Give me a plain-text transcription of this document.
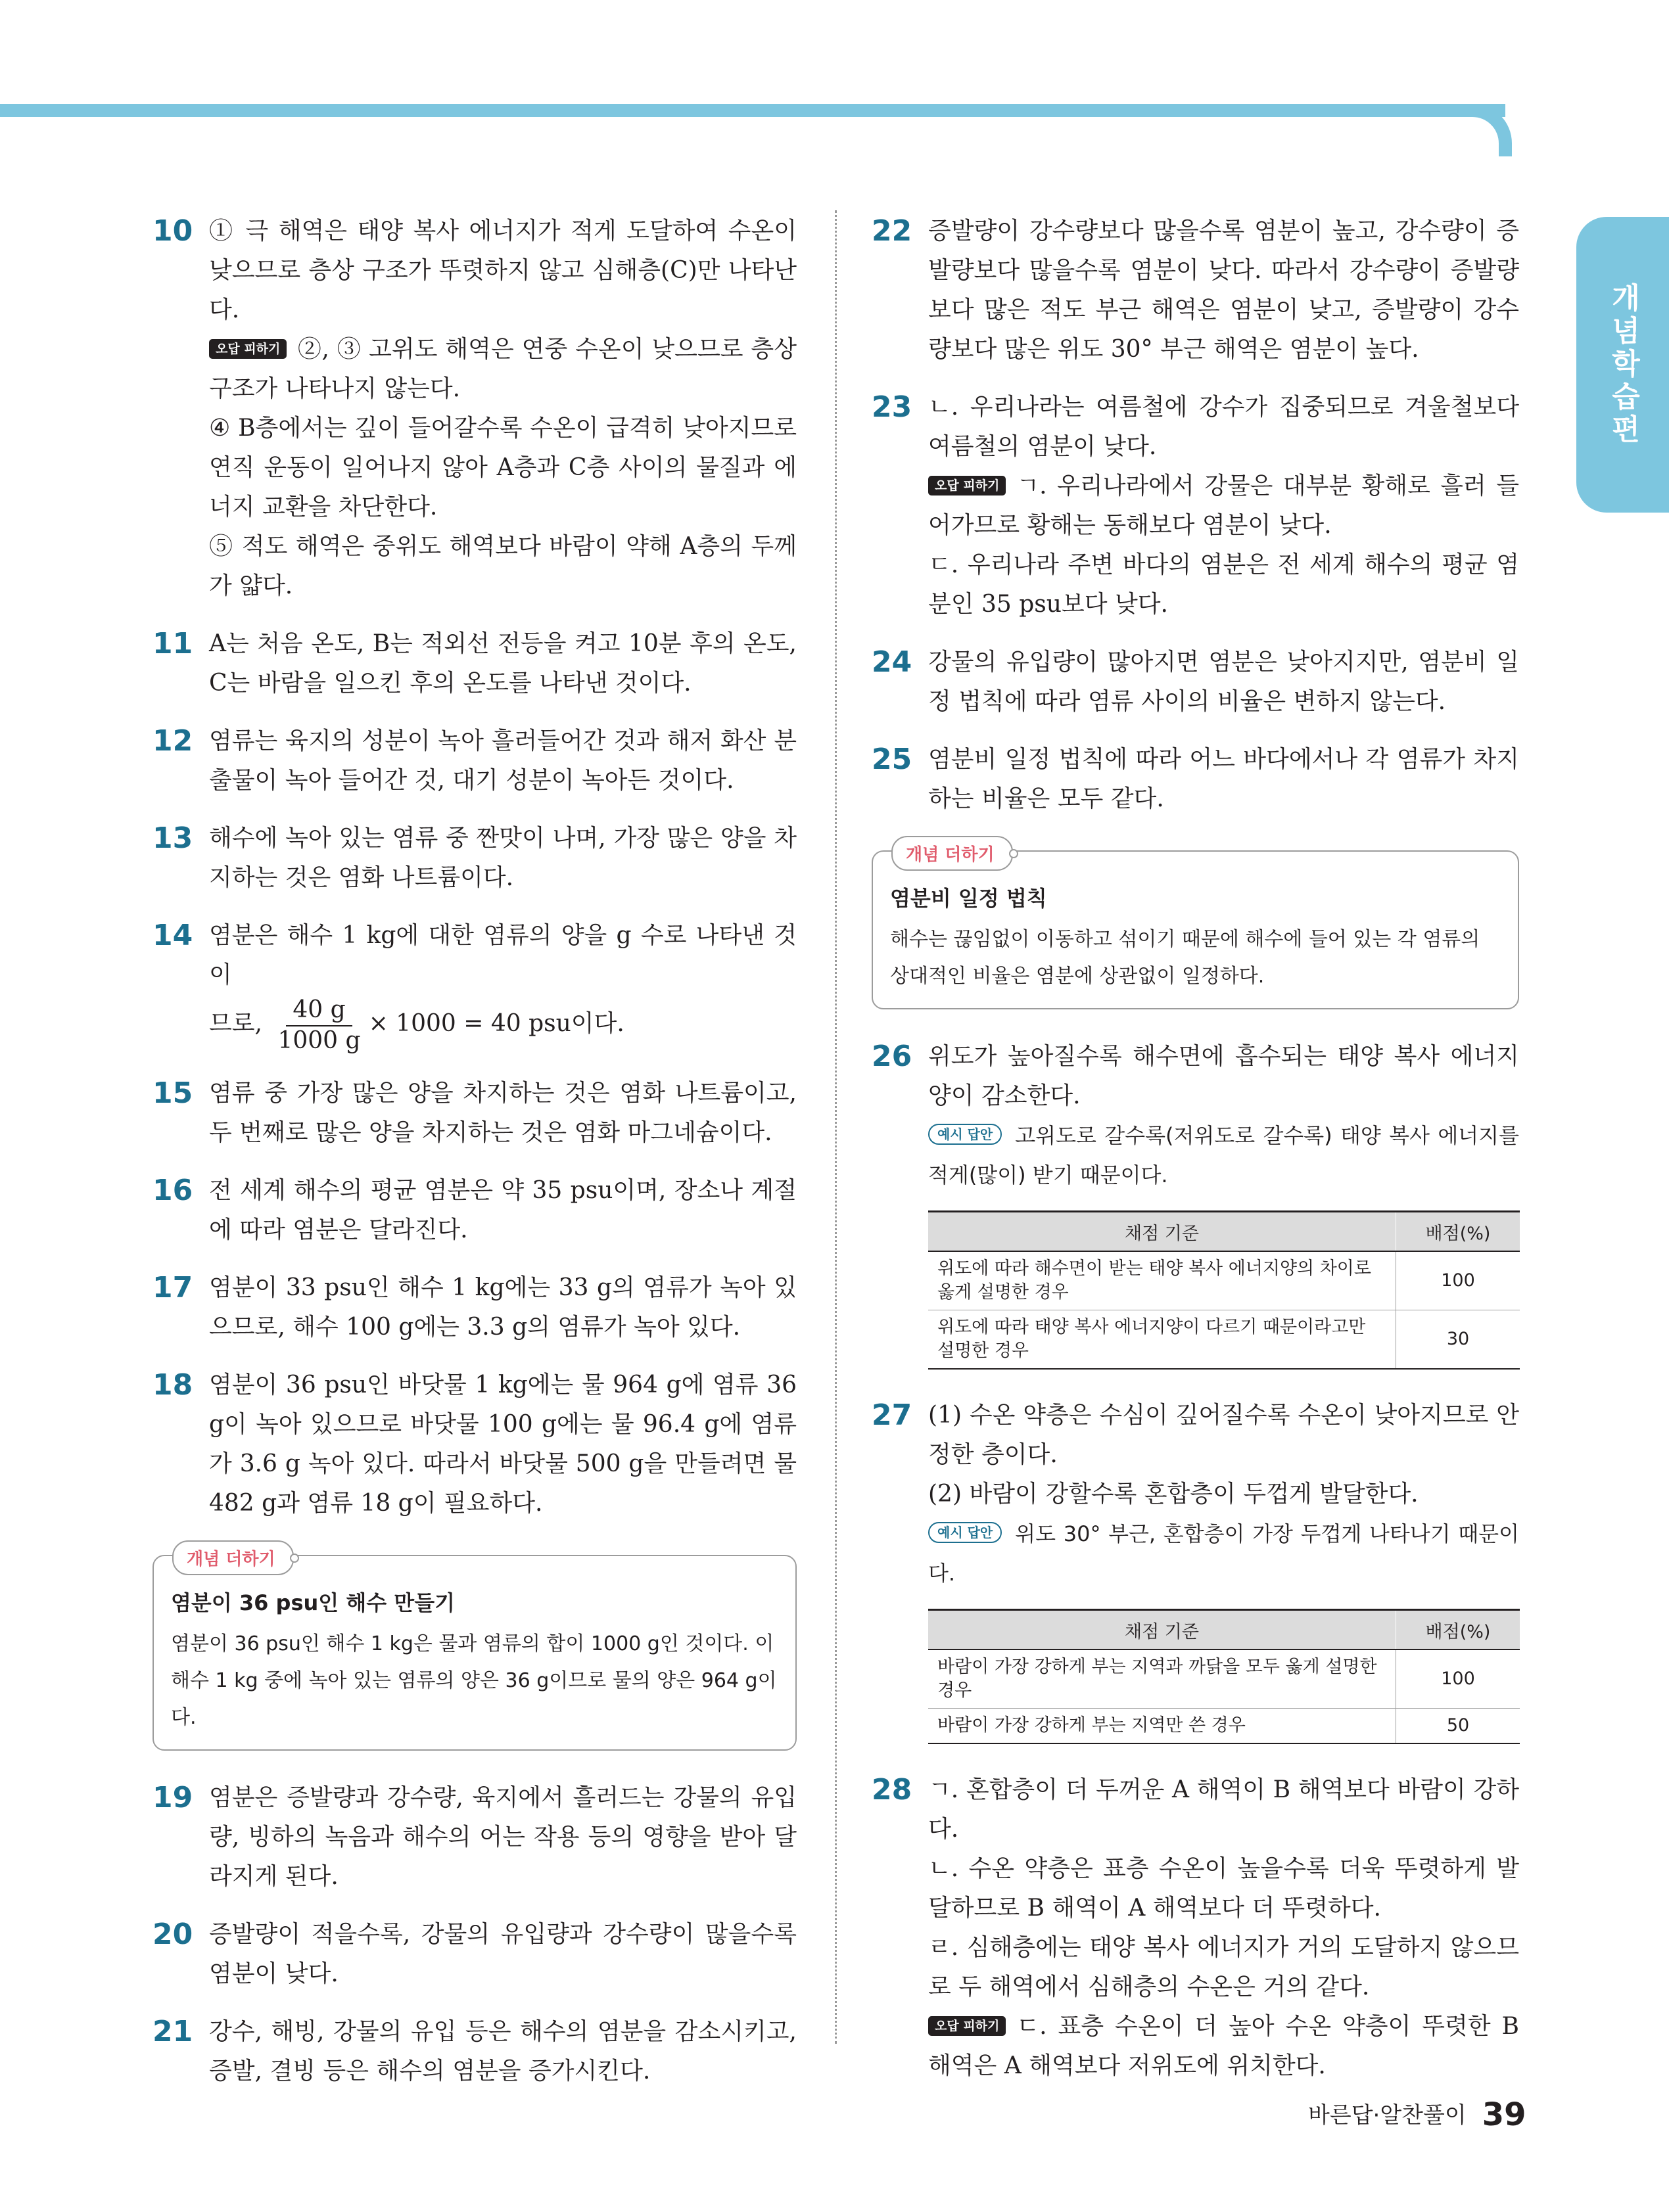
개념학습편
10 ① 극 해역은 태양 복사 에너지가 적게 도달하여 수온이 낮으므로 층상 구조가 뚜렷하지 않고 심해층(C)만 나타난다.

오답 피하기 ②, ③ 고위도 해역은 연중 수온이 낮으므로 층상 구조가 나타나지 않는다.

④ B층에서는 깊이 들어갈수록 수온이 급격히 낮아지므로 연직 운동이 일어나지 않아 A층과 C층 사이의 물질과 에너지 교환을 차단한다.

⑤ 적도 해역은 중위도 해역보다 바람이 약해 A층의 두께가 얇다.

11 A는 처음 온도, B는 적외선 전등을 켜고 10분 후의 온도, C는 바람을 일으킨 후의 온도를 나타낸 것이다.

12 염류는 육지의 성분이 녹아 흘러들어간 것과 해저 화산 분출물이 녹아 들어간 것, 대기 성분이 녹아든 것이다.

13 해수에 녹아 있는 염류 중 짠맛이 나며, 가장 많은 양을 차지하는 것은 염화 나트륨이다.

14 염분은 해수 1 kg에 대한 염류의 양을 g 수로 나타낸 것이

므로, $\frac{40 g}{1000 g} \times 1000 = 40$ psu이다.

15 염류 중 가장 많은 양을 차지하는 것은 염화 나트륨이고, 두 번째로 많은 양을 차지하는 것은 염화 마그네슘이다.

16 전 세계 해수의 평균 염분은 약 35 psu이며, 장소나 계절에 따라 염분은 달라진다.

17 염분이 33 psu인 해수 1 kg에는 33 g의 염류가 녹아 있으므로, 해수 100 g에는 3.3 g의 염류가 녹아 있다.

18 염분이 36 psu인 바닷물 1 kg에는 물 964 g에 염류 36 g이 녹아 있으므로 바닷물 100 g에는 물 96.4 g에 염류가 3.6 g 녹아 있다. 따라서 바닷물 500 g을 만들려면 물 482 g과 염류 18 g이 필요하다.

개념 더하기

염분이 36 psu인 해수 만들기

염분이 36 psu인 해수 1 kg은 물과 염류의 합이 1000 g인 것이다. 이 해수 1 kg 중에 녹아 있는 염류의 양은 36 g이므로 물의 양은 964 g이다.

19 염분은 증발량과 강수량, 육지에서 흘러드는 강물의 유입량, 빙하의 녹음과 해수의 어는 작용 등의 영향을 받아 달라지게 된다.

20 증발량이 적을수록, 강물의 유입량과 강수량이 많을수록 염분이 낮다.

21 강수, 해빙, 강물의 유입 등은 해수의 염분을 감소시키고, 증발, 결빙 등은 해수의 염분을 증가시킨다.

22 증발량이 강수량보다 많을수록 염분이 높고, 강수량이 증발량보다 많을수록 염분이 낮다. 따라서 강수량이 증발량보다 많은 적도 부근 해역은 염분이 낮고, 증발량이 강수량보다 많은 위도 30° 부근 해역은 염분이 높다.

23 ㄴ. 우리나라는 여름철에 강수가 집중되므로 겨울철보다 여름철의 염분이 낮다.

오답 피하기 ㄱ. 우리나라에서 강물은 대부분 황해로 흘러 들어가므로 황해는 동해보다 염분이 낮다.

ㄷ. 우리나라 주변 바다의 염분은 전 세계 해수의 평균 염분인 35 psu보다 낮다.

24 강물의 유입량이 많아지면 염분은 낮아지지만, 염분비 일정 법칙에 따라 염류 사이의 비율은 변하지 않는다.

25 염분비 일정 법칙에 따라 어느 바다에서나 각 염류가 차지하는 비율은 모두 같다.

개념 더하기

염분비 일정 법칙

해수는 끊임없이 이동하고 섞이기 때문에 해수에 들어 있는 각 염류의 상대적인 비율은 염분에 상관없이 일정하다.

26 위도가 높아질수록 해수면에 흡수되는 태양 복사 에너지양이 감소한다.

예시 답안 고위도로 갈수록(저위도로 갈수록) 태양 복사 에너지를 적게(많이) 받기 때문이다.

채점 기준	배점(%)
위도에 따라 해수면이 받는 태양 복사 에너지양의 차이로 옳게 설명한 경우	100
위도에 따라 태양 복사 에너지양이 다르기 때문이라고만 설명한 경우	30
27 (1) 수온 약층은 수심이 깊어질수록 수온이 낮아지므로 안정한 층이다.

(2) 바람이 강할수록 혼합층이 두껍게 발달한다.

예시 답안 위도 30° 부근, 혼합층이 가장 두껍게 나타나기 때문이다.

채점 기준	배점(%)
바람이 가장 강하게 부는 지역과 까닭을 모두 옳게 설명한 경우	100
바람이 가장 강하게 부는 지역만 쓴 경우	50
28 ㄱ. 혼합층이 더 두꺼운 A 해역이 B 해역보다 바람이 강하다.

ㄴ. 수온 약층은 표층 수온이 높을수록 더욱 뚜렷하게 발달하므로 B 해역이 A 해역보다 더 뚜렷하다.

ㄹ. 심해층에는 태양 복사 에너지가 거의 도달하지 않으므로 두 해역에서 심해층의 수온은 거의 같다.

오답 피하기 ㄷ. 표층 수온이 더 높아 수온 약층이 뚜렷한 B 해역은 A 해역보다 저위도에 위치한다.

바른답·알찬풀이 39
